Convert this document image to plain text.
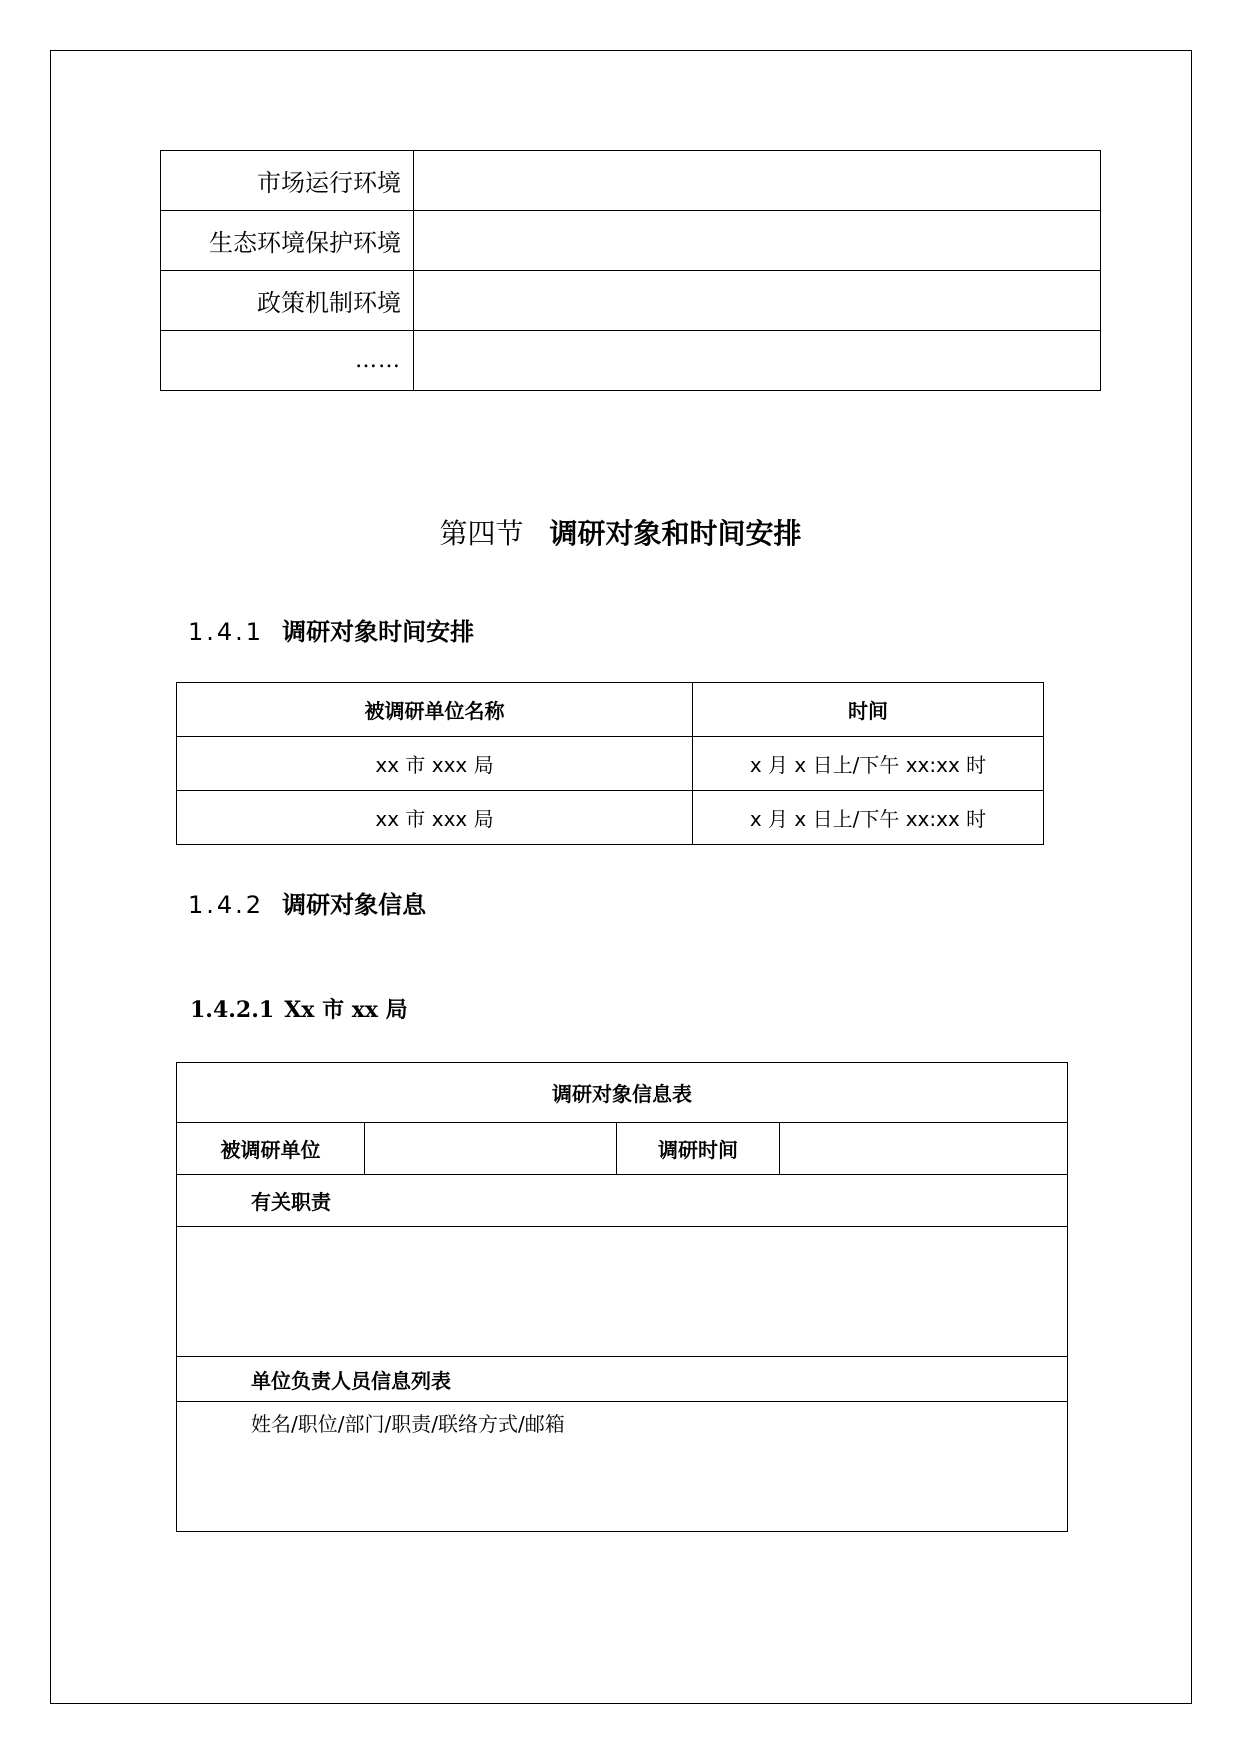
市场运行环境	
生态环境保护环境	
政策机制环境	
……	
第四节 调研对象和时间安排
1.4.1 调研对象时间安排
被调研单位名称	时间
xx 市 xxx 局	x 月 x 日上/下午 xx:xx 时
xx 市 xxx 局	x 月 x 日上/下午 xx:xx 时
1.4.2 调研对象信息
1.4.2.1 Xx 市 xx 局
调研对象信息表
被调研单位		调研时间	
有关职责

单位负责人员信息列表
姓名/职位/部门/职责/联络方式/邮箱
